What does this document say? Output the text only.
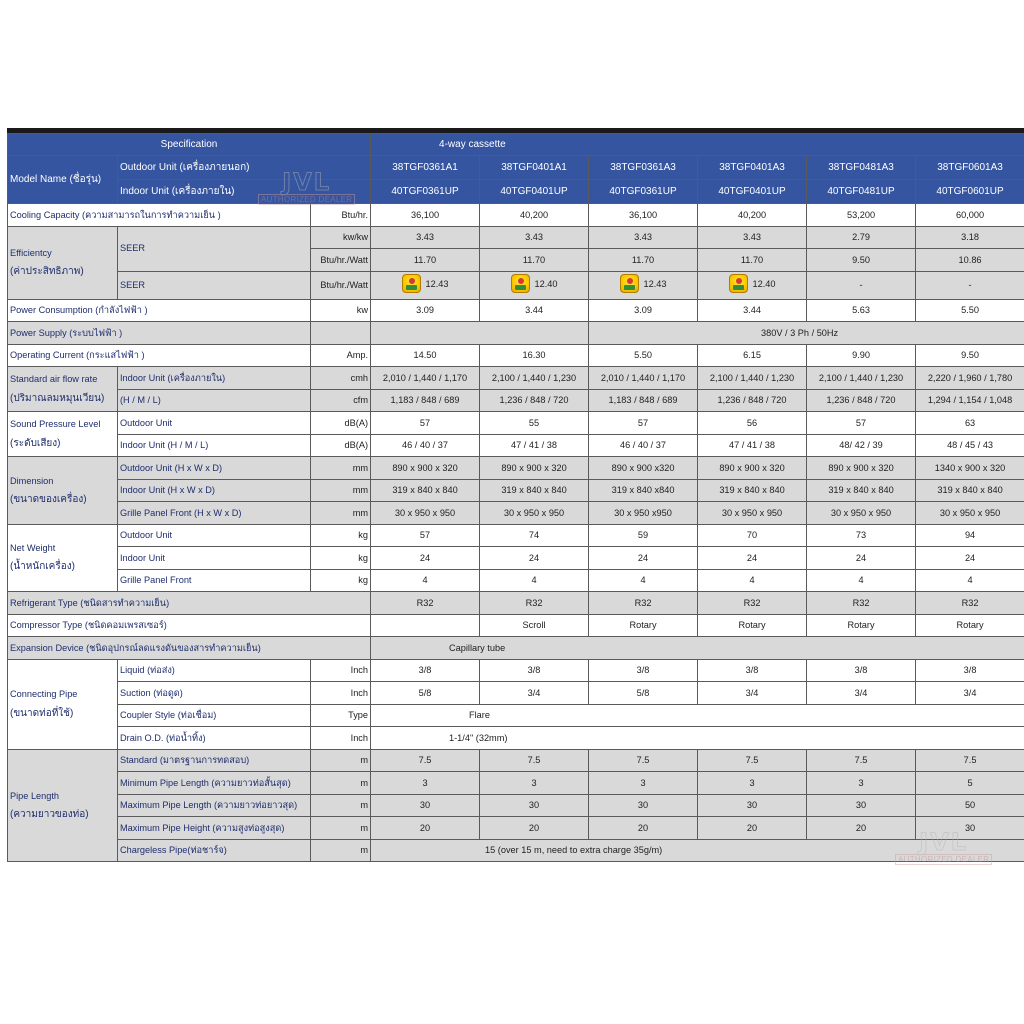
Specification			4-way cassette					
Model Name (ชื่อรุ่น)	Outdoor Unit (เครื่องภายนอก)		38TGF0361A1	38TGF0401A1	38TGF0361A3	38TGF0401A3	38TGF0481A3	38TGF0601A3
	Indoor Unit (เครื่องภายใน)		40TGF0361UP	40TGF0401UP	40TGF0361UP	40TGF0401UP	40TGF0481UP	40TGF0601UP
Cooling Capacity (ความสามารถในการทำความเย็น )		Btu/hr.	36,100	40,200	36,100	40,200	53,200	60,000

Efficientcy
(ค่าประสิทธิภาพ)	SEER	kw/kw	3.43	3.43	3.43	3.43	2.79	3.18
		Btu/hr./Watt	11.70	11.70	11.70	11.70	9.50	10.86
	SEER	Btu/hr./Watt	12.43	12.40	12.43	12.40	-	-
Power Consumption (กำลังไฟฟ้า )		kw	3.09	3.44	3.09	3.44	5.63	5.50
Power Supply (ระบบไฟฟ้า )					380V / 3 Ph / 50Hz			
Operating Current (กระแสไฟฟ้า )		Amp.	14.50	16.30	5.50	6.15	9.90	9.50

Standard air flow rate
(ปริมาณลมหมุนเวียน)	Indoor Unit (เครื่องภายใน)	cmh	2,010 / 1,440 / 1,170	2,100 / 1,440 / 1,230	2,010 / 1,440 / 1,170	2,100 / 1,440 / 1,230	2,100 / 1,440 / 1,230	2,220 / 1,960 / 1,780
	(H / M / L)	cfm	1,183 / 848 / 689	1,236 / 848 / 720	1,183 / 848 / 689	1,236 / 848 / 720	1,236 / 848 / 720	1,294 / 1,154 / 1,048

Sound Pressure Level
(ระดับเสียง)	Outdoor Unit	dB(A)	57	55	57	56	57	63
	Indoor Unit (H / M / L)	dB(A)	46 / 40 / 37	47 / 41 / 38	46 / 40 / 37	47 / 41 / 38	48/ 42 / 39	48 / 45 / 43

Dimension
(ขนาดของเครื่อง)	Outdoor Unit (H x W x D)	mm	890 x 900 x 320	890 x 900 x 320	890 x 900 x320	890 x 900 x 320	890 x 900 x 320	1340 x 900 x 320
	Indoor Unit (H x W x D)	mm	319 x 840 x 840	319 x 840 x 840	319 x 840 x840	319 x 840 x 840	319 x 840 x 840	319 x 840 x 840
	Grille Panel Front (H x W x D)	mm	30 x 950 x 950	30 x 950 x 950	30 x 950 x950	30 x 950 x 950	30 x 950 x 950	30 x 950 x 950

Net Weight
(น้ำหนักเครื่อง)	Outdoor Unit	kg	57	74	59	70	73	94
	Indoor Unit	kg	24	24	24	24	24	24
	Grille Panel Front	kg	4	4	4	4	4	4
Refrigerant Type (ชนิดสารทำความเย็น)			R32	R32	R32	R32	R32	R32
Compressor Type (ชนิดคอมเพรสเซอร์)				Scroll	Rotary	Rotary	Rotary	Rotary
Expansion Device (ชนิดอุปกรณ์ลดแรงดันของสารทำความเย็น)			Capillary tube					

Connecting Pipe
(ขนาดท่อที่ใช้)	Liquid (ท่อส่ง)	Inch	3/8	3/8	3/8	3/8	3/8	3/8
	Suction (ท่อดูด)	Inch	5/8	3/4	5/8	3/4	3/4	3/4
	Coupler Style (ท่อเชื่อม)	Type	Flare					
	Drain O.D. (ท่อน้ำทิ้ง)	Inch	1-1/4" (32mm)					

Pipe Length
(ความยาวของท่อ)	Standard (มาตรฐานการทดสอบ)	m	7.5	7.5	7.5	7.5	7.5	7.5
	Minimum Pipe Length (ความยาวท่อสั้นสุด)	m	3	3	3	3	3	5
	Maximum Pipe Length (ความยาวท่อยาวสุด)	m	30	30	30	30	30	50
	Maximum Pipe Height (ความสูงท่อสูงสุด)	m	20	20	20	20	20	30
	Chargeless Pipe(ท่อชาร์จ)	m	15 (over 15 m, need to extra charge 35g/m)					
AUTHORIZED DEALER
AUTHORIZED DEALER
